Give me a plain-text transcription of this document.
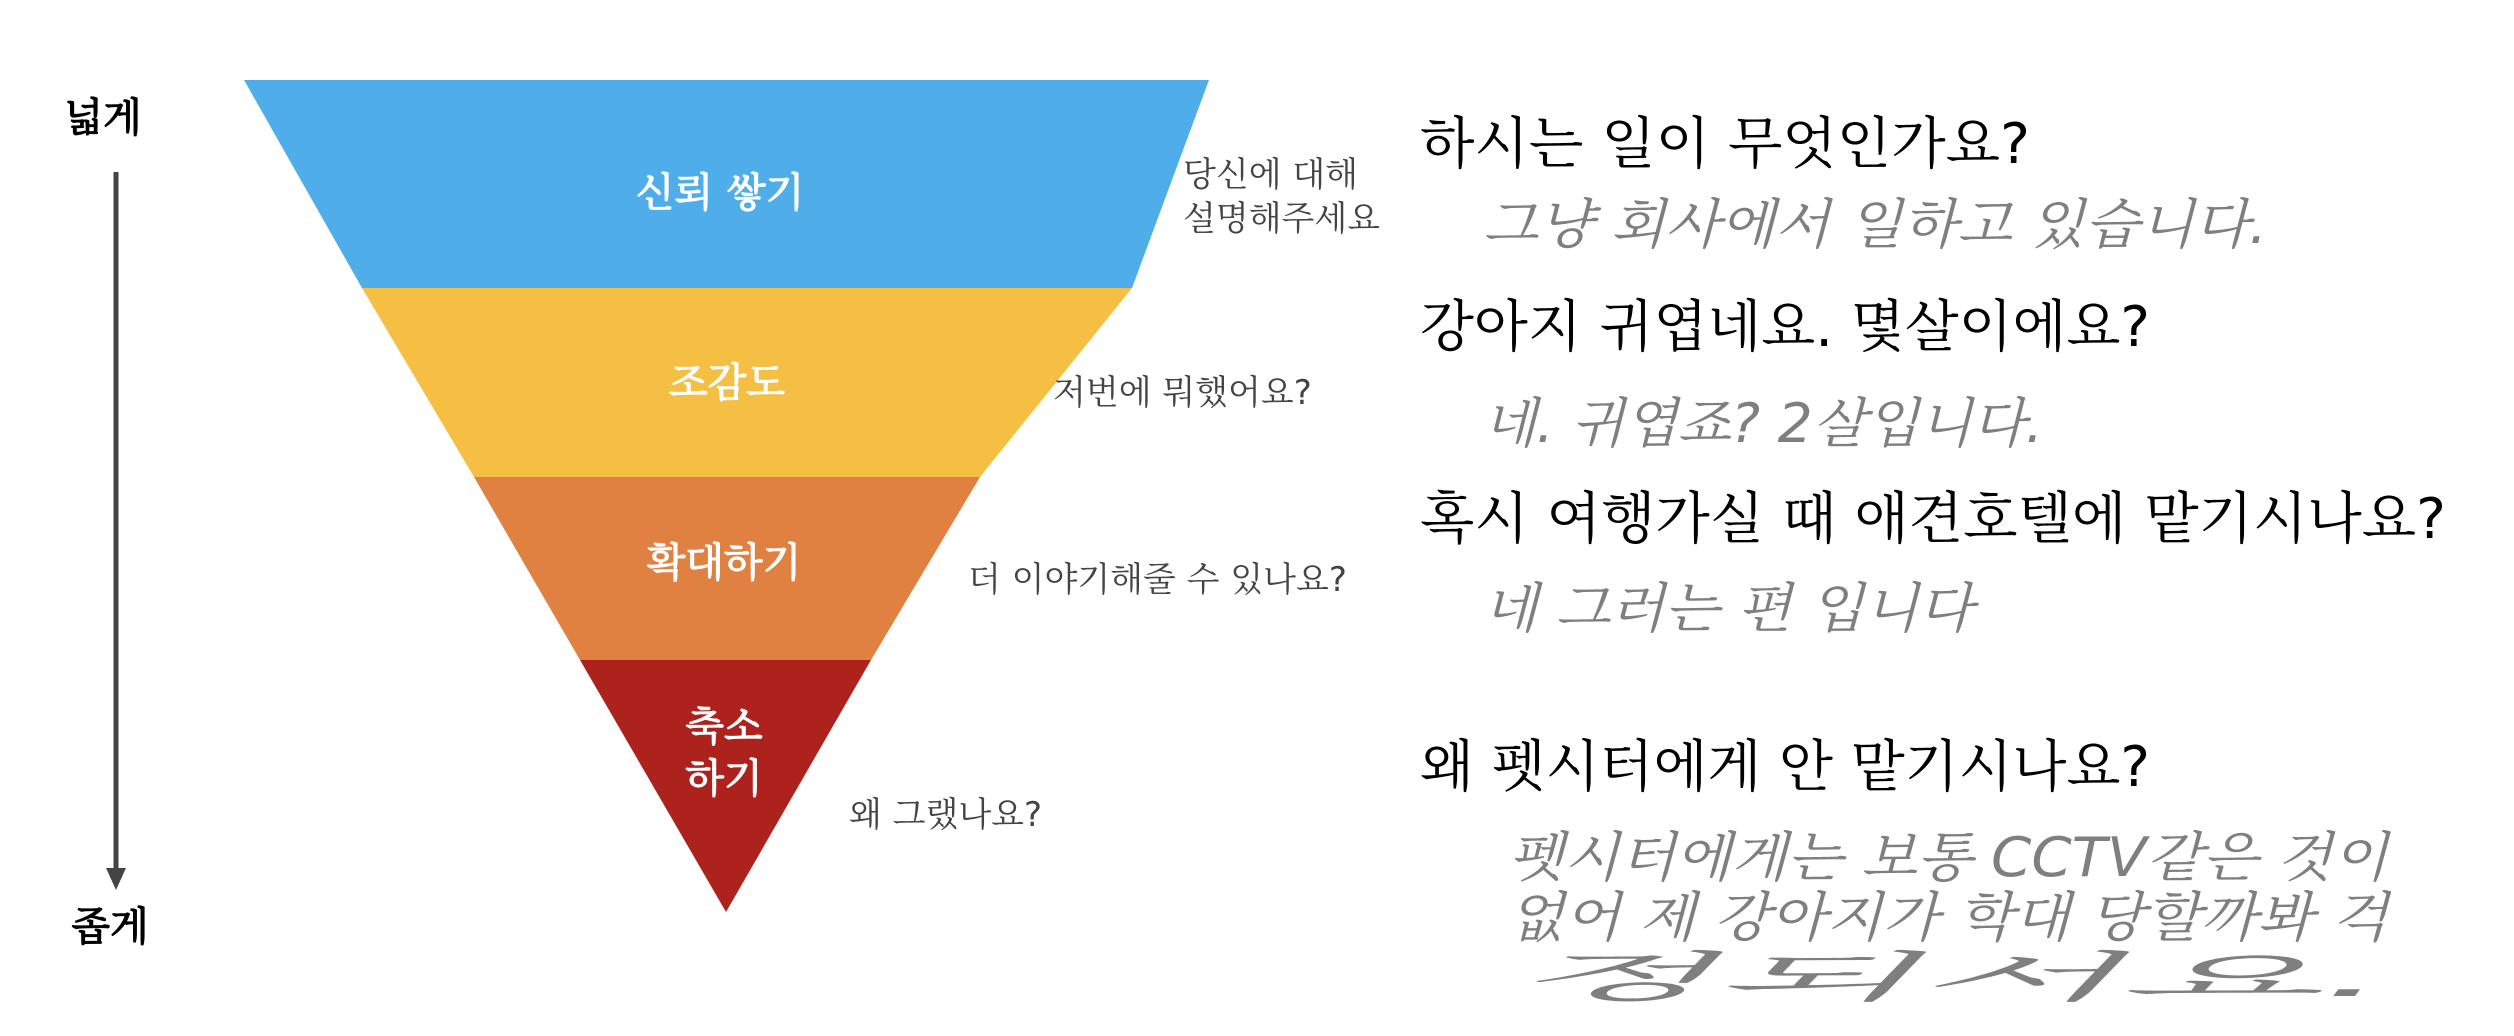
넓게
좁게
신뢰 쌓기
조감도
확대하기
축소 하기
당신에 대해 설명해주세요
저번에 뭐했어요?
더 이야기해줄 수 있나요?
왜 그랬나요?
하시는 일이 무엇인가요?
그냥 회사에서 일하고 있습니다.
강아지 귀엽네요. 몇살이에요?
네. 귀엽죠? 2살입니다.
혹시 여행가실 때 애견호텔에 맡기시나요?
네 그러는 편 입니다
왜 펫시터에게 안 맡기시나요?
펫시터에게는 보통 CCTV같은 것이 없어 제 강아지가 학대 당할까봐 걱 정되서요.
